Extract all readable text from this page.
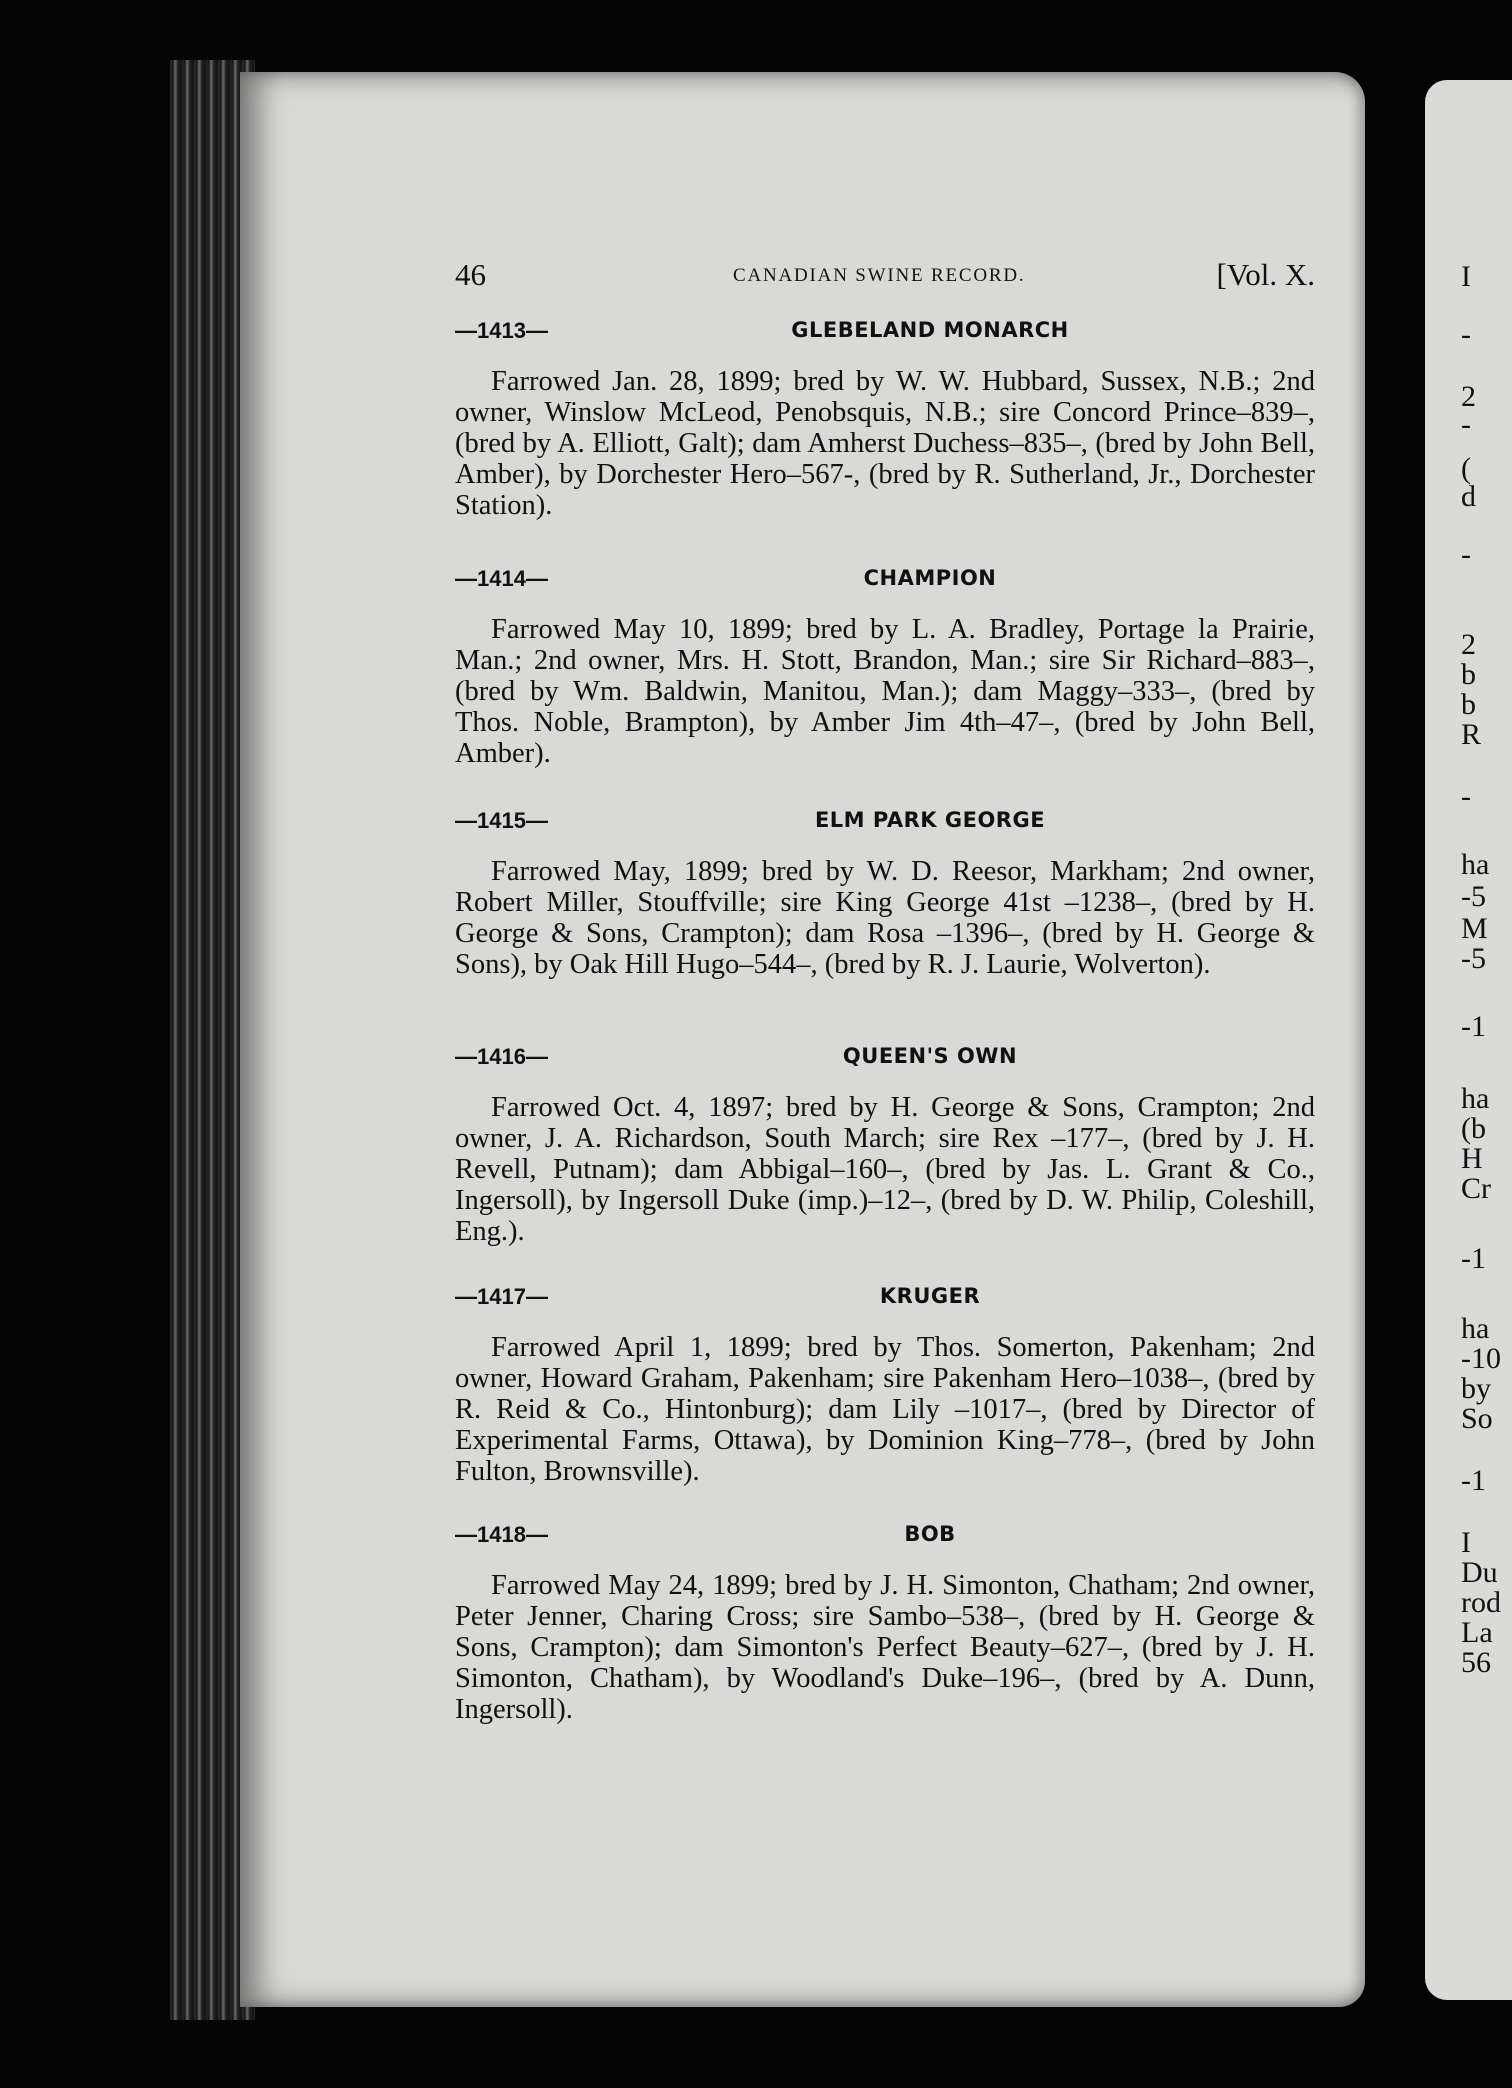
I
-
2
-
(
d
-
2
b
b
R
-
ha
-5
M
-5
-1
ha
(b
H
Cr
-1
ha
-10
by
So
-1
I
Du
rod
La
56
46	CANADIAN SWINE RECORD.	[Vol. X.
—1413—	GLEBELAND MONARCH
Farrowed Jan. 28, 1899; bred by W. W. Hubbard, Sussex, N.B.; 2nd owner, Winslow McLeod, Penobsquis, N.B.; sire Concord Prince–839–, (bred by A. Elliott, Galt); dam Amherst Duchess–835–, (bred by John Bell, Amber), by Dorchester Hero–567-, (bred by R. Sutherland, Jr., Dorchester Station).
—1414—	CHAMPION
Farrowed May 10, 1899; bred by L. A. Bradley, Portage la Prairie, Man.; 2nd owner, Mrs. H. Stott, Brandon, Man.; sire Sir Richard–883–, (bred by Wm. Baldwin, Manitou, Man.); dam Maggy–333–, (bred by Thos. Noble, Brampton), by Amber Jim 4th–47–, (bred by John Bell, Amber).
—1415—	ELM PARK GEORGE
Farrowed May, 1899; bred by W. D. Reesor, Markham; 2nd owner, Robert Miller, Stouffville; sire King George 41st –1238–, (bred by H. George & Sons, Crampton); dam Rosa –1396–, (bred by H. George & Sons), by Oak Hill Hugo–544–, (bred by R. J. Laurie, Wolverton).
—1416—	QUEEN'S OWN
Farrowed Oct. 4, 1897; bred by H. George & Sons, Crampton; 2nd owner, J. A. Richardson, South March; sire Rex –177–, (bred by J. H. Revell, Putnam); dam Abbigal–160–, (bred by Jas. L. Grant & Co., Ingersoll), by Ingersoll Duke (imp.)–12–, (bred by D. W. Philip, Coleshill, Eng.).
—1417—	KRUGER
Farrowed April 1, 1899; bred by Thos. Somerton, Pakenham; 2nd owner, Howard Graham, Pakenham; sire Pakenham Hero–1038–, (bred by R. Reid & Co., Hintonburg); dam Lily –1017–, (bred by Director of Experimental Farms, Ottawa), by Dominion King–778–, (bred by John Fulton, Brownsville).
—1418—	BOB
Farrowed May 24, 1899; bred by J. H. Simonton, Chatham; 2nd owner, Peter Jenner, Charing Cross; sire Sambo–538–, (bred by H. George & Sons, Crampton); dam Simonton's Perfect Beauty–627–, (bred by J. H. Simonton, Chatham), by Woodland's Duke–196–, (bred by A. Dunn, Ingersoll).
